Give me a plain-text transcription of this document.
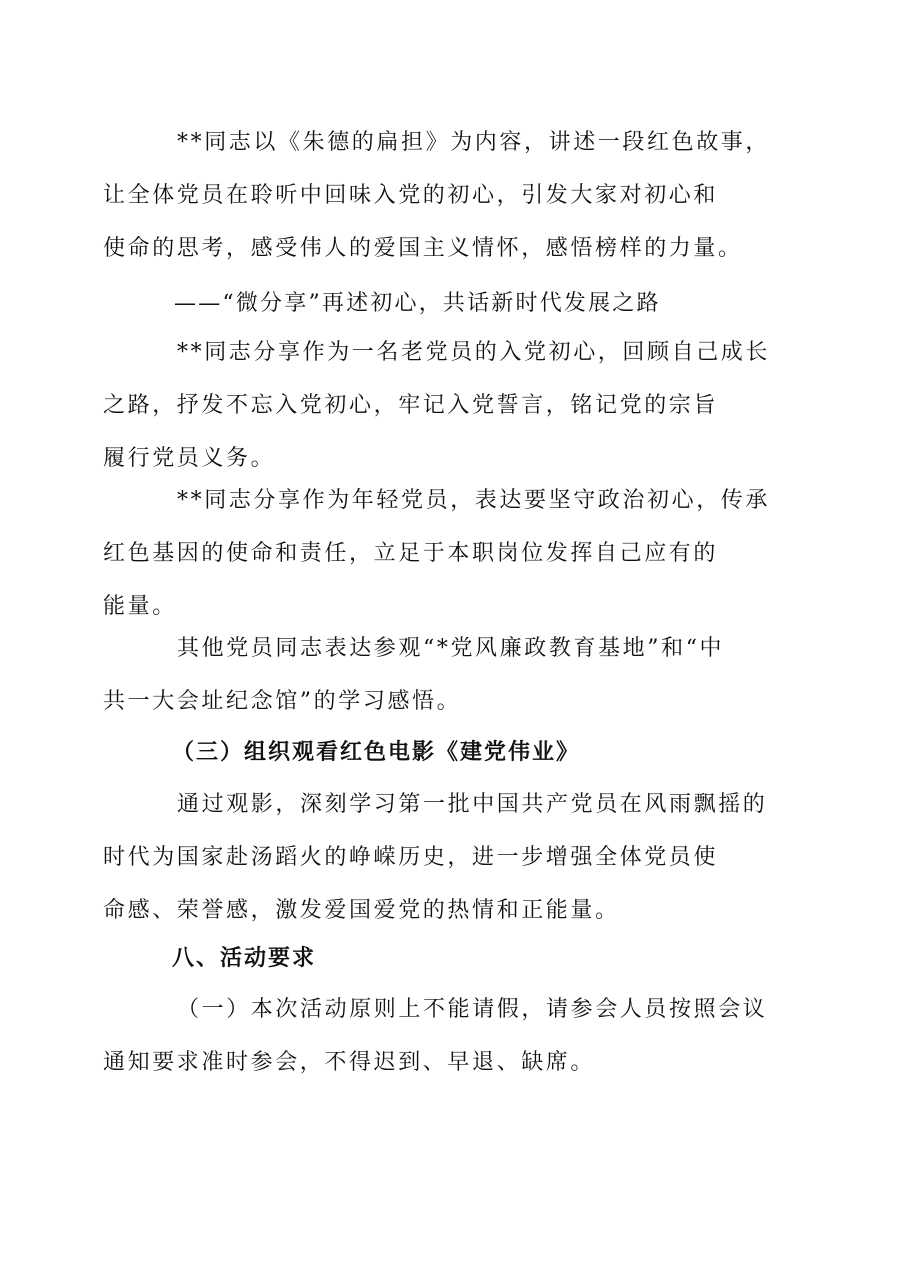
**同志以《朱德的扁担》为内容，讲述一段红色故事，
让全体党员在聆听中回味入党的初心，引发大家对初心和
使命的思考，感受伟人的爱国主义情怀，感悟榜样的力量。
——“微分享”再述初心，共话新时代发展之路
**同志分享作为一名老党员的入党初心，回顾自己成长
之路，抒发不忘入党初心，牢记入党誓言，铭记党的宗旨
履行党员义务。
**同志分享作为年轻党员，表达要坚守政治初心，传承
红色基因的使命和责任，立足于本职岗位发挥自己应有的
能量。
其他党员同志表达参观“*党风廉政教育基地”和“中
共一大会址纪念馆”的学习感悟。
（三）组织观看红色电影《建党伟业》
通过观影，深刻学习第一批中国共产党员在风雨飘摇的
时代为国家赴汤蹈火的峥嵘历史，进一步增强全体党员使
命感、荣誉感，激发爱国爱党的热情和正能量。
八、活动要求
（一）本次活动原则上不能请假，请参会人员按照会议
通知要求准时参会，不得迟到、早退、缺席。
